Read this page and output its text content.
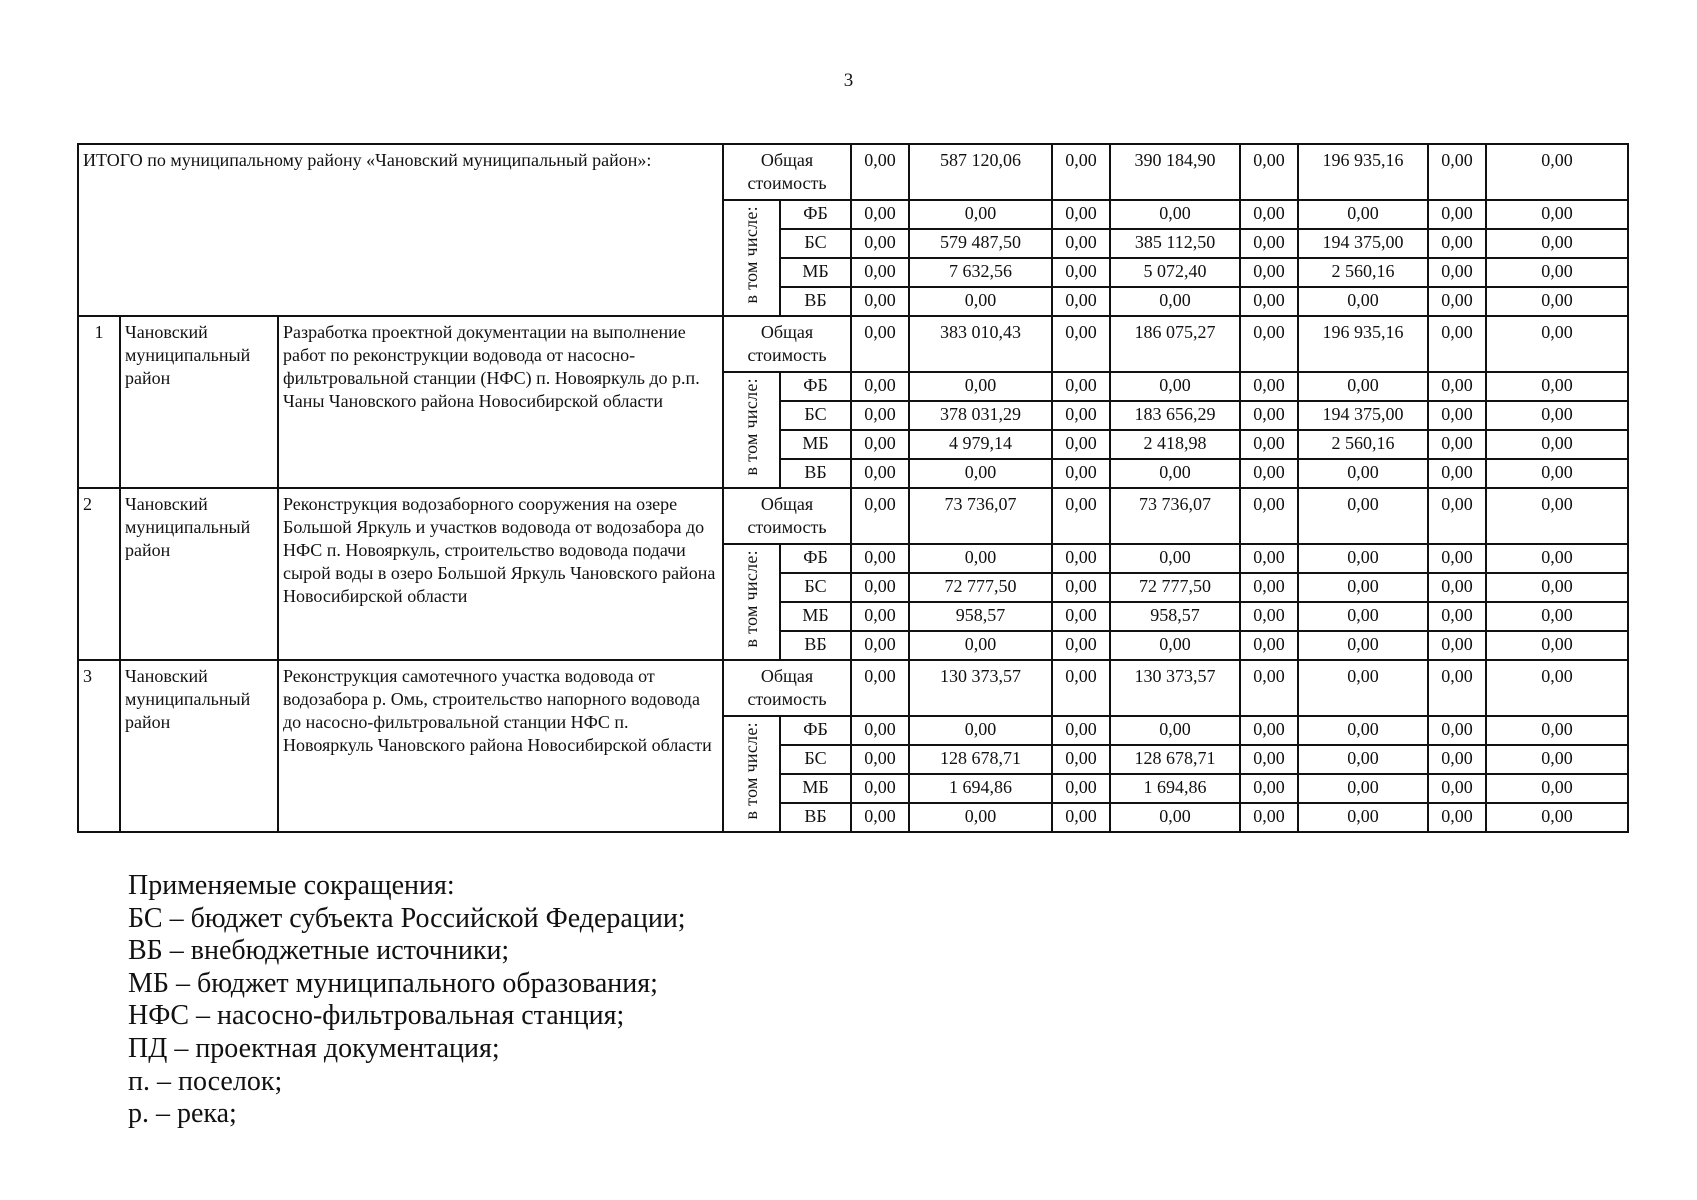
3
ИТОГО по муниципальному району «Чановский муниципальный район»:			Общая стоимость		0,00	587 120,06	0,00	390 184,90	0,00	196 935,16	0,00	0,00
			в том числе:	ФБ	0,00	0,00	0,00	0,00	0,00	0,00	0,00	0,00
				БС	0,00	579 487,50	0,00	385 112,50	0,00	194 375,00	0,00	0,00
				МБ	0,00	7 632,56	0,00	5 072,40	0,00	2 560,16	0,00	0,00
				ВБ	0,00	0,00	0,00	0,00	0,00	0,00	0,00	0,00
1	Чановский муниципальный район	Разработка проектной документации на выполнение работ по реконструкции водовода от насосно-фильтровальной станции (НФС) п. Новояркуль до р.п. Чаны Чановского района Новосибирской области	Общая стоимость		0,00	383 010,43	0,00	186 075,27	0,00	196 935,16	0,00	0,00
			в том числе:	ФБ	0,00	0,00	0,00	0,00	0,00	0,00	0,00	0,00
				БС	0,00	378 031,29	0,00	183 656,29	0,00	194 375,00	0,00	0,00
				МБ	0,00	4 979,14	0,00	2 418,98	0,00	2 560,16	0,00	0,00
				ВБ	0,00	0,00	0,00	0,00	0,00	0,00	0,00	0,00
2	Чановский муниципальный район	Реконструкция водозаборного сооружения на озере Большой Яркуль и участков водовода от водозабора до НФС п. Новояркуль, строительство водовода подачи сырой воды в озеро Большой Яркуль Чановского района Новосибирской области	Общая стоимость		0,00	73 736,07	0,00	73 736,07	0,00	0,00	0,00	0,00
			в том числе:	ФБ	0,00	0,00	0,00	0,00	0,00	0,00	0,00	0,00
				БС	0,00	72 777,50	0,00	72 777,50	0,00	0,00	0,00	0,00
				МБ	0,00	958,57	0,00	958,57	0,00	0,00	0,00	0,00
				ВБ	0,00	0,00	0,00	0,00	0,00	0,00	0,00	0,00
3	Чановский муниципальный район	Реконструкция самотечного участка водовода от водозабора р. Омь, строительство напорного водовода до насосно-фильтровальной станции НФС п. Новояркуль Чановского района Новосибирской области	Общая стоимость		0,00	130 373,57	0,00	130 373,57	0,00	0,00	0,00	0,00
			в том числе:	ФБ	0,00	0,00	0,00	0,00	0,00	0,00	0,00	0,00
				БС	0,00	128 678,71	0,00	128 678,71	0,00	0,00	0,00	0,00
				МБ	0,00	1 694,86	0,00	1 694,86	0,00	0,00	0,00	0,00
				ВБ	0,00	0,00	0,00	0,00	0,00	0,00	0,00	0,00
Применяемые сокращения:
БС – бюджет субъекта Российской Федерации;
ВБ – внебюджетные источники;
МБ – бюджет муниципального образования;
НФС – насосно-фильтровальная станция;
ПД – проектная документация;
п. – поселок;
р. – река;
